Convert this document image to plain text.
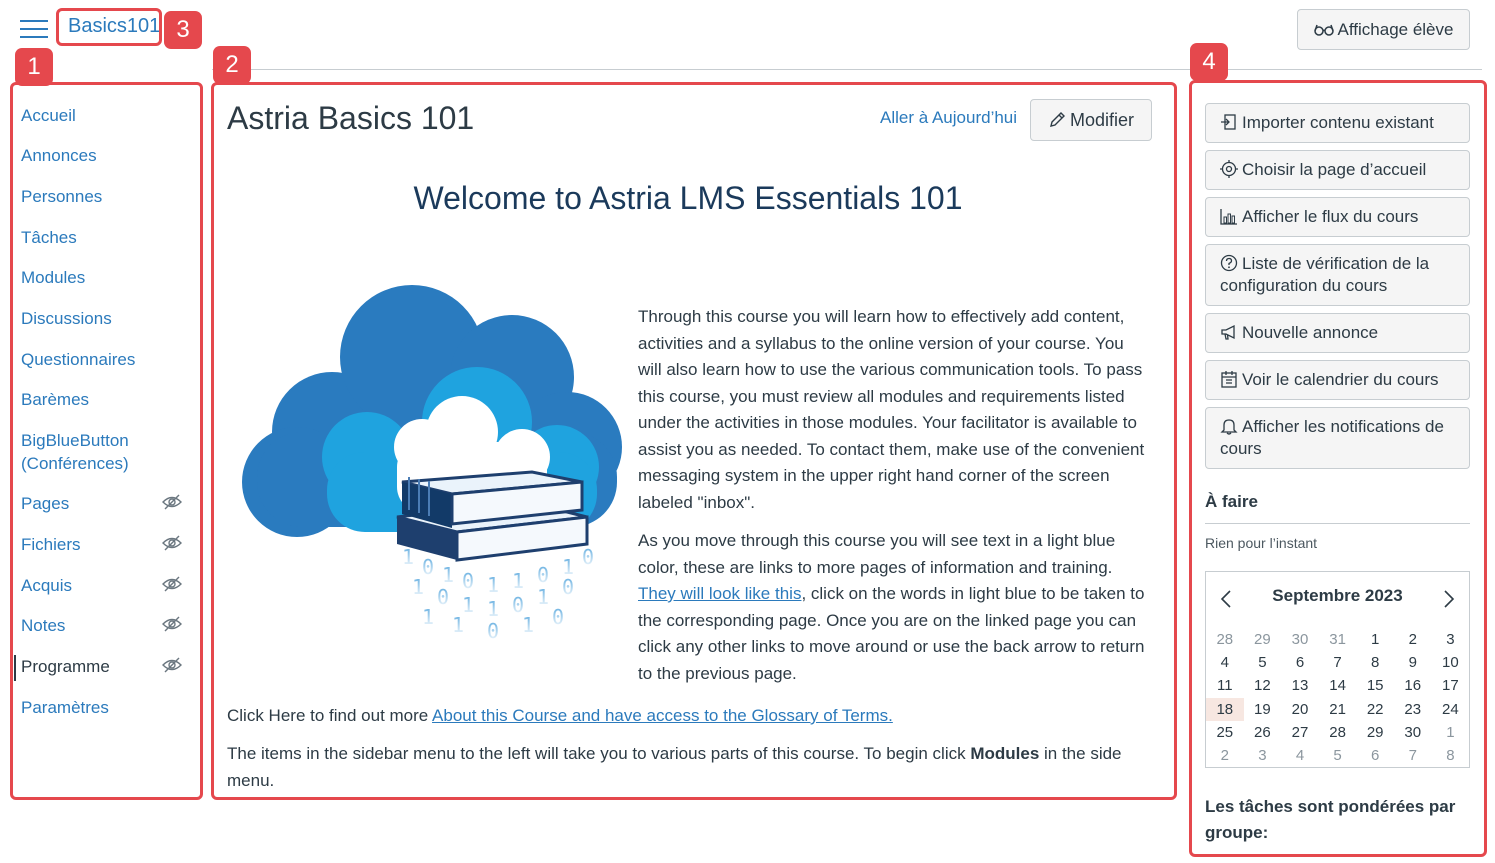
Basics101	Affichage élève
1	2
3
4
Accueil
Annonces
Personnes
Tâches
Modules
Discussions
Questionnaires
Barèmes
BigBlueButton (Conférences)
Pages
Fichiers
Acquis
Notes
Programme
Paramètres
Astria Basics 101	Aller à Aujourd’hui	Modifier
Welcome to Astria LMS Essentials 101
1 0 1 0 1 1 0 1 0
1 0 1 1 0 1 0
1 1 0 1 0

Through this course you will learn how to effectively add content, activities and a syllabus to the online version of your course. You will also learn how to use the various communication tools. To pass this course, you must review all modules and requirements listed under the activities in those modules. Your facilitator is available to assist you as needed. To contact them, make use of the convenient messaging system in the upper right hand corner of the screen labeled "inbox".

As you move through this course you will see text in a light blue color, these are links to more pages of information and training. They will look like this, click on the words in light blue to be taken to the corresponding page. Once you are on the linked page you can click any other links to move around or use the back arrow to return to the previous page.

Click Here to find out more About this Course and have access to the Glossary of Terms.

The items in the sidebar menu to the left will take you to various parts of this course. To begin click Modules in the side menu.

Importer contenu existant
Choisir la page d’accueil
Afficher le flux du cours
Liste de vérification de la configuration du cours
Nouvelle annonce
Voir le calendrier du cours
Afficher les notifications de cours
À faire
Rien pour l’instant
Septembre 2023
28	29	30	31	1	2	3
4	5	6	7	8	9	10
11	12	13	14	15	16	17
18	19	20	21	22	23	24
25	26	27	28	29	30	1
2	3	4	5	6	7	8
Les tâches sont pondérées par groupe:
